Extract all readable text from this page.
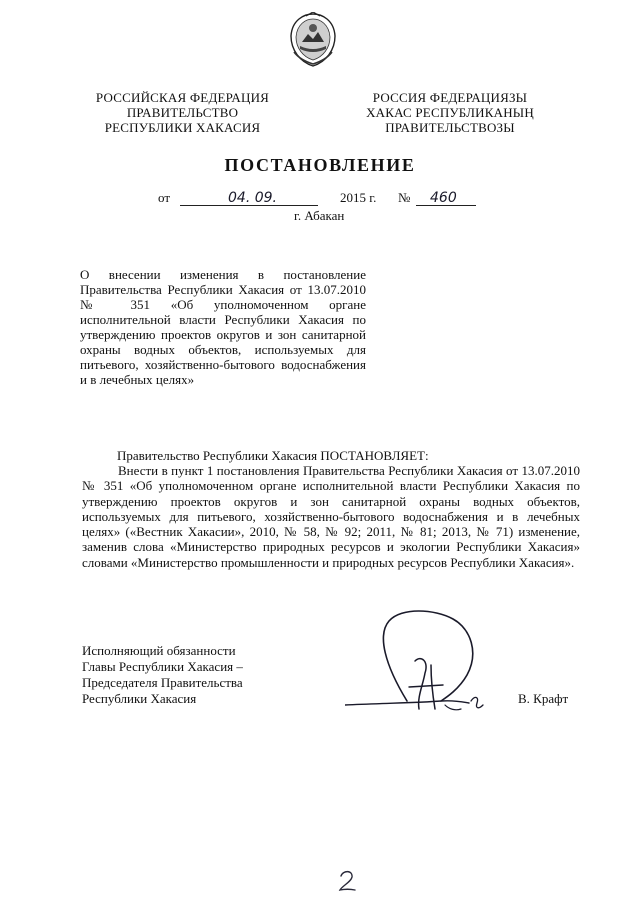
РОССИЙСКАЯ ФЕДЕРАЦИЯ
ПРАВИТЕЛЬСТВО
РЕСПУБЛИКИ ХАКАСИЯ
РОССИЯ ФЕДЕРАЦИЯЗЫ
ХАКАС РЕСПУБЛИКАНЫҢ
ПРАВИТЕЛЬСТВОЗЫ
ПОСТАНОВЛЕНИЕ
от	04. 09.	2015 г. № 460
г. Абакан
О внесении изменения в постановление Правительства Республики Хакасия от 13.07.2010 № 351 «Об уполномоченном органе исполнительной власти Республики Хакасия по утверждению проектов округов и зон санитарной охраны водных объектов, используемых для питьевого, хозяйственно-бытового водоснабжения и в лечебных целях»
Правительство Республики Хакасия ПОСТАНОВЛЯЕТ:
Внести в пункт 1 постановления Правительства Республики Хакасия от 13.07.2010 № 351 «Об уполномоченном органе исполнительной власти Республики Хакасия по утверждению проектов округов и зон санитарной охраны водных объектов, используемых для питьевого, хозяйственно-бытового водоснабжения и в лечебных целях» («Вестник Хакасии», 2010, № 58, № 92; 2011, № 81; 2013, № 71) изменение, заменив слова «Министерство природных ресурсов и экологии Республики Хакасия» словами «Министерство промышленности и природных ресурсов Республики Хакасия».
Исполняющий обязанности
Главы Республики Хакасия –
Председателя Правительства
Республики Хакасия	В. Крафт
